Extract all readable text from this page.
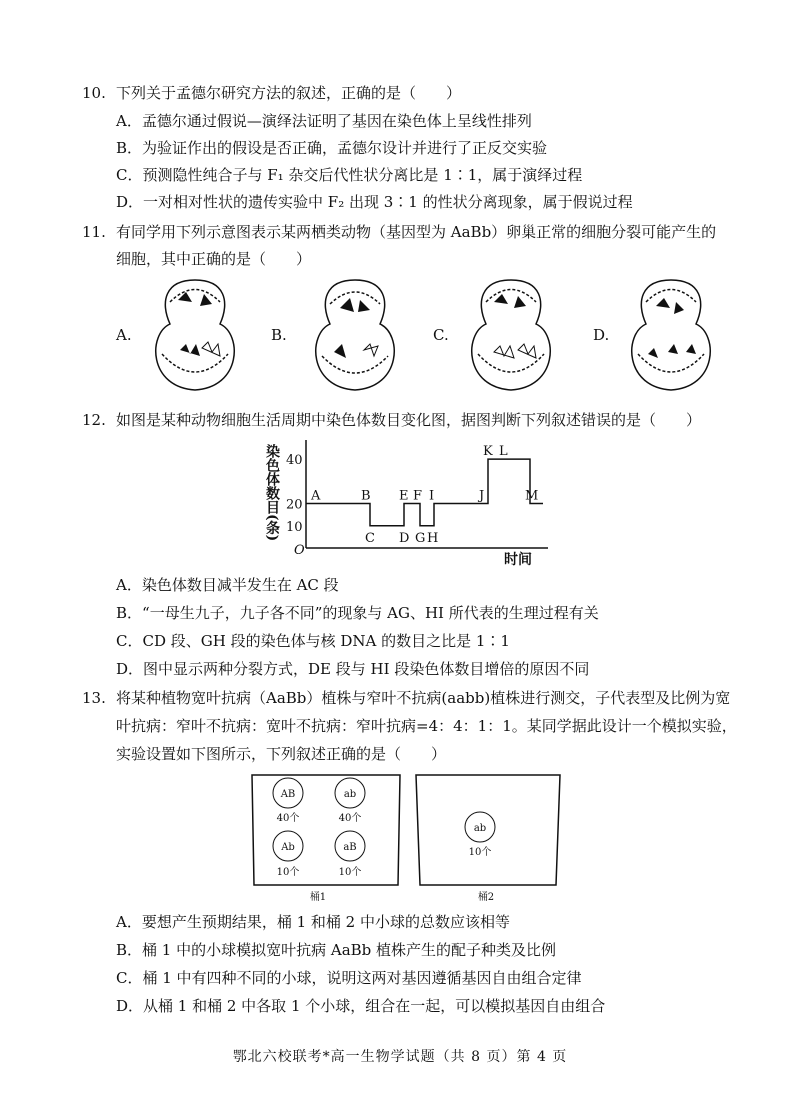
10. 下列关于孟德尔研究方法的叙述，正确的是（　　）
A．孟德尔通过假说—演绎法证明了基因在染色体上呈线性排列
B．为验证作出的假设是否正确，孟德尔设计并进行了正反交实验
C．预测隐性纯合子与 F₁ 杂交后代性状分离比是 1∶1，属于演绎过程
D．一对相对性状的遗传实验中 F₂ 出现 3∶1 的性状分离现象，属于假说过程
11. 有同学用下列示意图表示某两栖类动物（基因型为 AaBb）卵巢正常的细胞分裂可能产生的
细胞，其中正确的是（　　）
A.	B.	C.	D.
12. 如图是某种动物细胞生活周期中染色体数目变化图，据图判断下列叙述错误的是（　　）
染色体数目(条)
O
时间
10
20
40
A	B
C D
E F
G H
I	J
K L
M
A．染色体数目减半发生在 AC 段
B．“一母生九子，九子各不同”的现象与 AG、HI 所代表的生理过程有关
C．CD 段、GH 段的染色体与核 DNA 的数目之比是 1∶1
D．图中显示两种分裂方式，DE 段与 HI 段染色体数目增倍的原因不同
13. 将某种植物宽叶抗病（AaBb）植株与窄叶不抗病(aabb)植株进行测交，子代表型及比例为宽
叶抗病：窄叶不抗病：宽叶不抗病：窄叶抗病=4：4：1：1。某同学据此设计一个模拟实验，
实验设置如下图所示，下列叙述正确的是（　　）
AB
40个
ab
40个
Ab
10个
aB
10个
桶1
ab
10个
桶2
A．要想产生预期结果，桶 1 和桶 2 中小球的总数应该相等
B．桶 1 中的小球模拟宽叶抗病 AaBb 植株产生的配子种类及比例
C．桶 1 中有四种不同的小球，说明这两对基因遵循基因自由组合定律
D．从桶 1 和桶 2 中各取 1 个小球，组合在一起，可以模拟基因自由组合
鄂北六校联考*高一生物学试题（共 8 页）第 4 页
